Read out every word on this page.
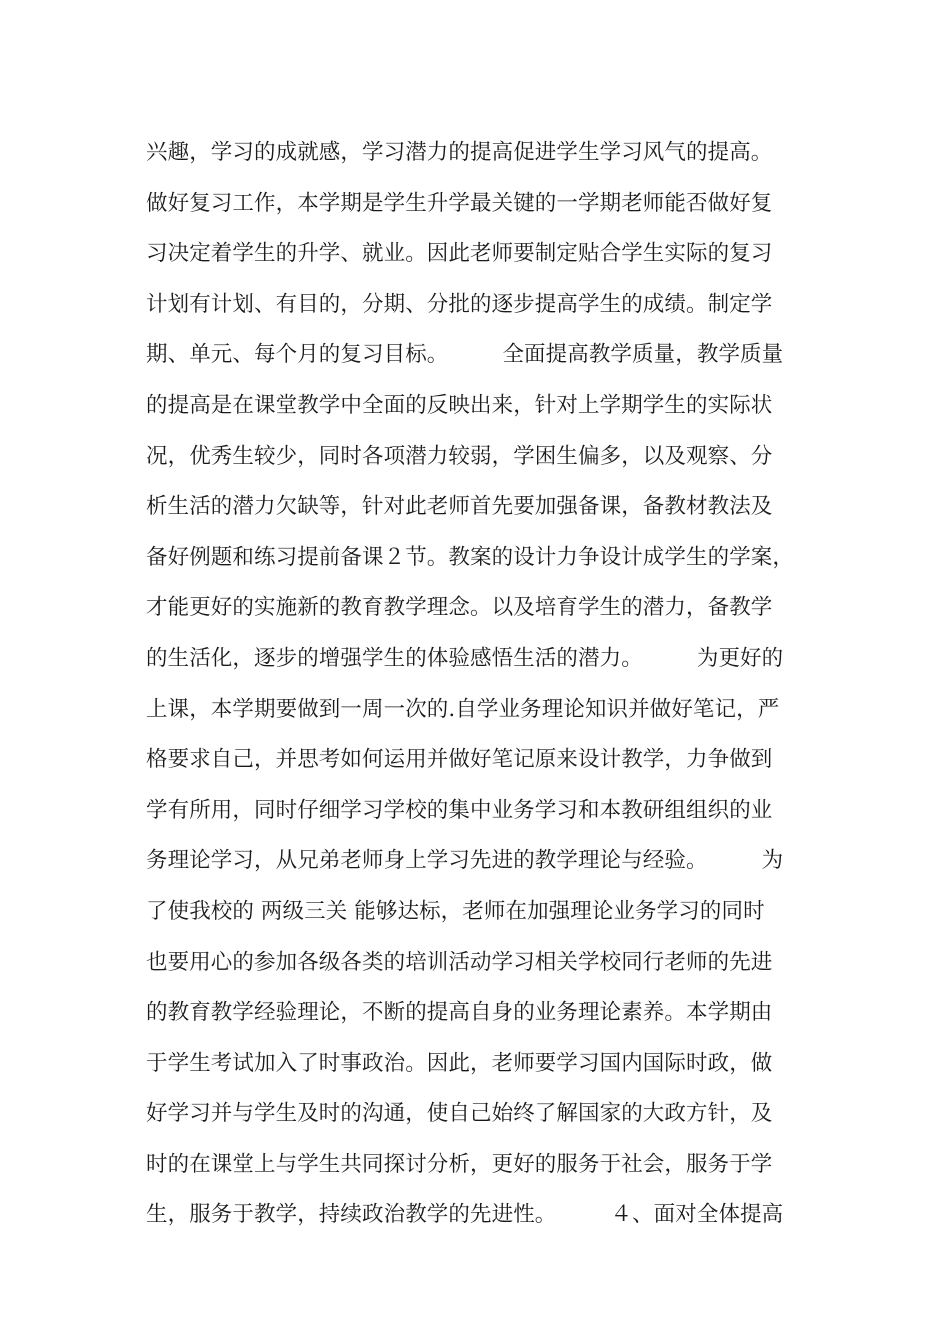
兴趣，学习的成就感，学习潜力的提高促进学生学习风气的提高。
做好复习工作，本学期是学生升学最关键的一学期老师能否做好复
习决定着学生的升学、就业。因此老师要制定贴合学生实际的复习
计划有计划、有目的，分期、分批的逐步提高学生的成绩。制定学
期、单元、每个月的复习目标。　　　全面提高教学质量，教学质量
的提高是在课堂教学中全面的反映出来，针对上学期学生的实际状
况，优秀生较少，同时各项潜力较弱，学困生偏多，以及观察、分
析生活的潜力欠缺等，针对此老师首先要加强备课，备教材教法及
备好例题和练习提前备课２节。教案的设计力争设计成学生的学案，
才能更好的实施新的教育教学理念。以及培育学生的潜力，备教学
的生活化，逐步的增强学生的体验感悟生活的潜力。　　　为更好的
上课，本学期要做到一周一次的.自学业务理论知识并做好笔记，严
格要求自己，并思考如何运用并做好笔记原来设计教学，力争做到
学有所用，同时仔细学习学校的集中业务学习和本教研组组织的业
务理论学习，从兄弟老师身上学习先进的教学理论与经验。　　　为
了使我校的 两级三关 能够达标，老师在加强理论业务学习的同时
也要用心的参加各级各类的培训活动学习相关学校同行老师的先进
的教育教学经验理论，不断的提高自身的业务理论素养。本学期由
于学生考试加入了时事政治。因此，老师要学习国内国际时政，做
好学习并与学生及时的沟通，使自己始终了解国家的大政方针，及
时的在课堂上与学生共同探讨分析，更好的服务于社会，服务于学
生，服务于教学，持续政治教学的先进性。　　　４、面对全体提高
